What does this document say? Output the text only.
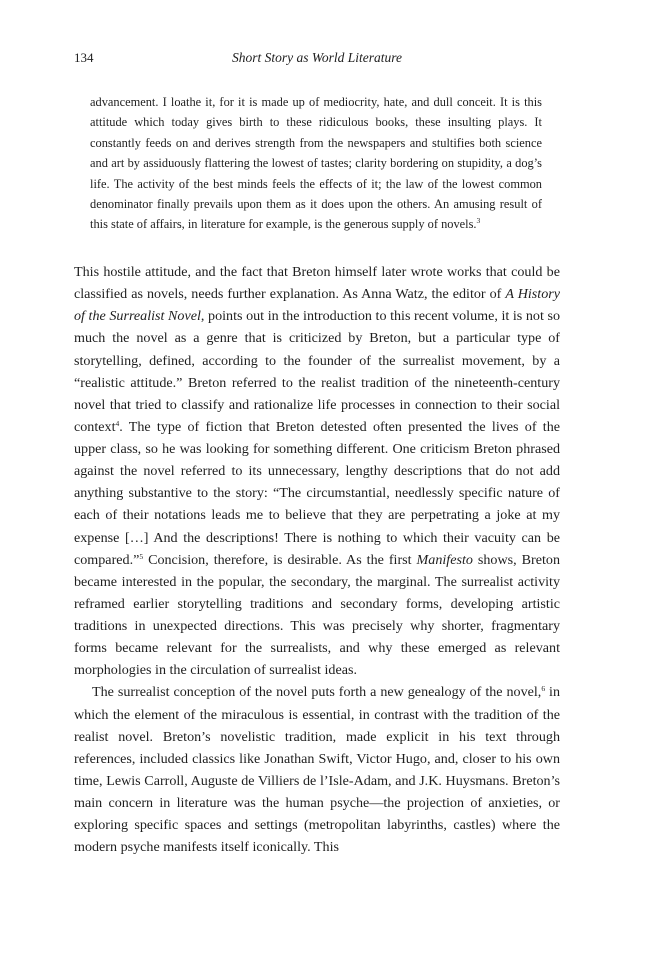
134	Short Story as World Literature

advancement. I loathe it, for it is made up of mediocrity, hate, and dull conceit. It is this attitude which today gives birth to these ridiculous books, these insulting plays. It constantly feeds on and derives strength from the newspapers and stultifies both science and art by assiduously flattering the lowest of tastes; clarity bordering on stupidity, a dog’s life. The activity of the best minds feels the effects of it; the law of the lowest common denominator finally prevails upon them as it does upon the others. An amusing result of this state of affairs, in literature for example, is the generous supply of novels.$^3$

This hostile attitude, and the fact that Breton himself later wrote works that could be classified as novels, needs further explanation. As Anna Watz, the editor of A History of the Surrealist Novel, points out in the introduction to this recent volume, it is not so much the novel as a genre that is criticized by Breton, but a particular type of storytelling, defined, according to the founder of the surrealist movement, by a “realistic attitude.” Breton referred to the realist tradition of the nineteenth-century novel that tried to classify and rationalize life processes in connection to their social context$^4$. The type of fiction that Breton detested often presented the lives of the upper class, so he was looking for something different. One criticism Breton phrased against the novel referred to its unnecessary, lengthy descriptions that do not add anything substantive to the story: “The circumstantial, needlessly specific nature of each of their notations leads me to believe that they are perpetrating a joke at my expense […] And the descriptions! There is nothing to which their vacuity can be compared.”$^5$ Concision, therefore, is desirable. As the first Manifesto shows, Breton became interested in the popular, the secondary, the marginal. The surrealist activity reframed earlier storytelling traditions and secondary forms, developing artistic traditions in unexpected directions. This was precisely why shorter, fragmentary forms became relevant for the surrealists, and why these emerged as relevant morphologies in the circulation of surrealist ideas.

The surrealist conception of the novel puts forth a new genealogy of the novel,$^6$ in which the element of the miraculous is essential, in contrast with the tradition of the realist novel. Breton’s novelistic tradition, made explicit in his text through references, included classics like Jonathan Swift, Victor Hugo, and, closer to his own time, Lewis Carroll, Auguste de Villiers de l’Isle-Adam, and J.K. Huysmans. Breton’s main concern in literature was the human psyche—the projection of anxieties, or exploring specific spaces and settings (metropolitan labyrinths, castles) where the modern psyche manifests itself iconically. This
